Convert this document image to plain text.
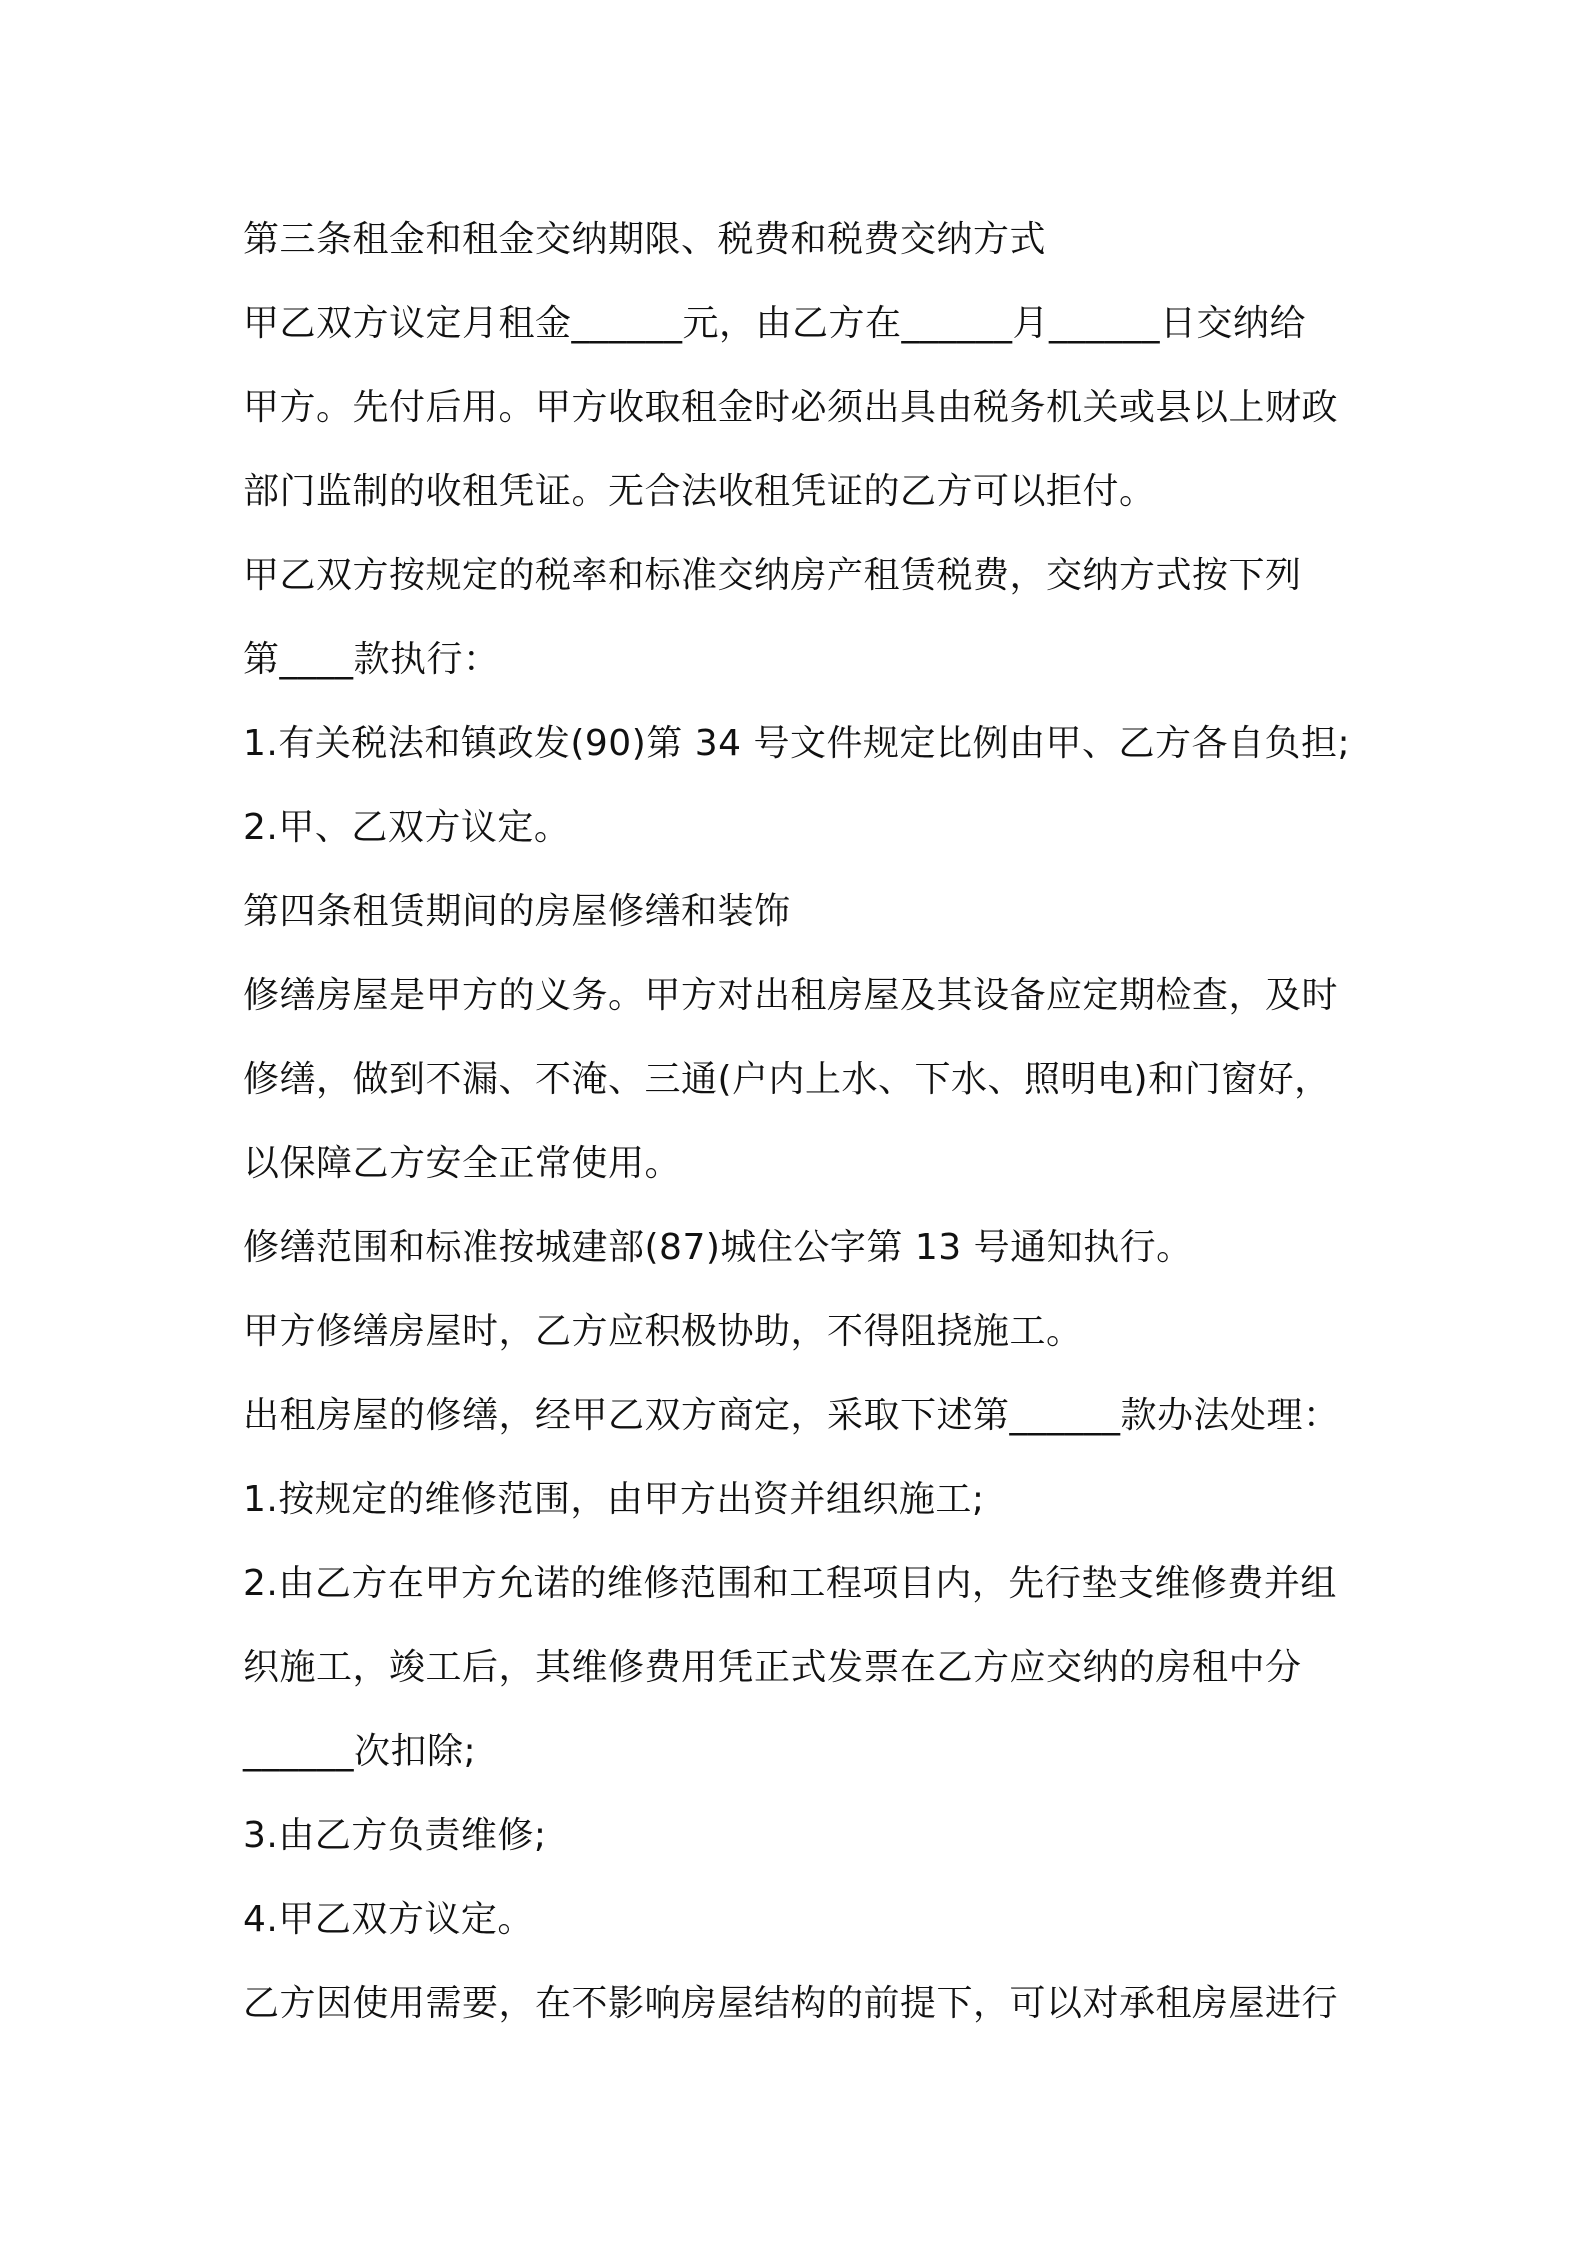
第三条租金和租金交纳期限、税费和税费交纳方式
甲乙双方议定月租金______元，由乙方在______月______日交纳给
甲方。先付后用。甲方收取租金时必须出具由税务机关或县以上财政
部门监制的收租凭证。无合法收租凭证的乙方可以拒付。
甲乙双方按规定的税率和标准交纳房产租赁税费，交纳方式按下列
第____款执行：
1.有关税法和镇政发(90)第 34 号文件规定比例由甲、乙方各自负担;
2.甲、乙双方议定。
第四条租赁期间的房屋修缮和装饰
修缮房屋是甲方的义务。甲方对出租房屋及其设备应定期检查，及时
修缮，做到不漏、不淹、三通(户内上水、下水、照明电)和门窗好，
以保障乙方安全正常使用。
修缮范围和标准按城建部(87)城住公字第 13 号通知执行。
甲方修缮房屋时，乙方应积极协助，不得阻挠施工。
出租房屋的修缮，经甲乙双方商定，采取下述第______款办法处理：
1.按规定的维修范围，由甲方出资并组织施工;
2.由乙方在甲方允诺的维修范围和工程项目内，先行垫支维修费并组
织施工，竣工后，其维修费用凭正式发票在乙方应交纳的房租中分
______次扣除;
3.由乙方负责维修;
4.甲乙双方议定。
乙方因使用需要，在不影响房屋结构的前提下，可以对承租房屋进行
